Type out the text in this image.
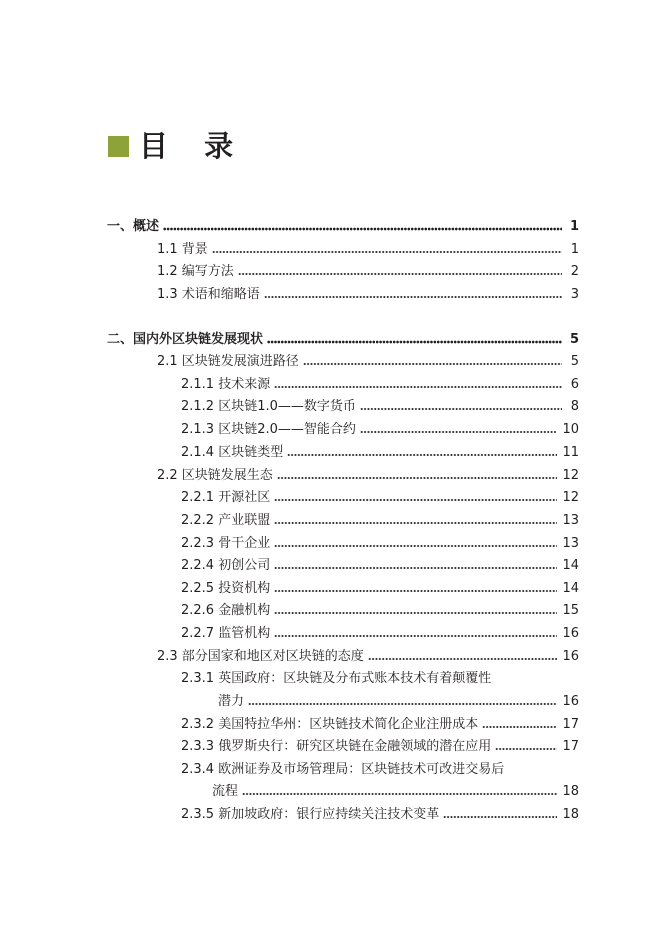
目 录
一、概述	1
1.1 背景	1
1.2 编写方法	2
1.3 术语和缩略语	3
二、国内外区块链发展现状	5
2.1 区块链发展演进路径	5
2.1.1 技术来源	6
2.1.2 区块链1.0——数字货币	8
2.1.3 区块链2.0——智能合约	10
2.1.4 区块链类型	11
2.2 区块链发展生态	12
2.2.1 开源社区	12
2.2.2 产业联盟	13
2.2.3 骨干企业	13
2.2.4 初创公司	14
2.2.5 投资机构	14
2.2.6 金融机构	15
2.2.7 监管机构	16
2.3 部分国家和地区对区块链的态度	16
2.3.1 英国政府：区块链及分布式账本技术有着颠覆性
潜力	16
2.3.2 美国特拉华州：区块链技术简化企业注册成本	17
2.3.3 俄罗斯央行：研究区块链在金融领域的潜在应用	17
2.3.4 欧洲证券及市场管理局：区块链技术可改进交易后
流程	18
2.3.5 新加坡政府：银行应持续关注技术变革	18
